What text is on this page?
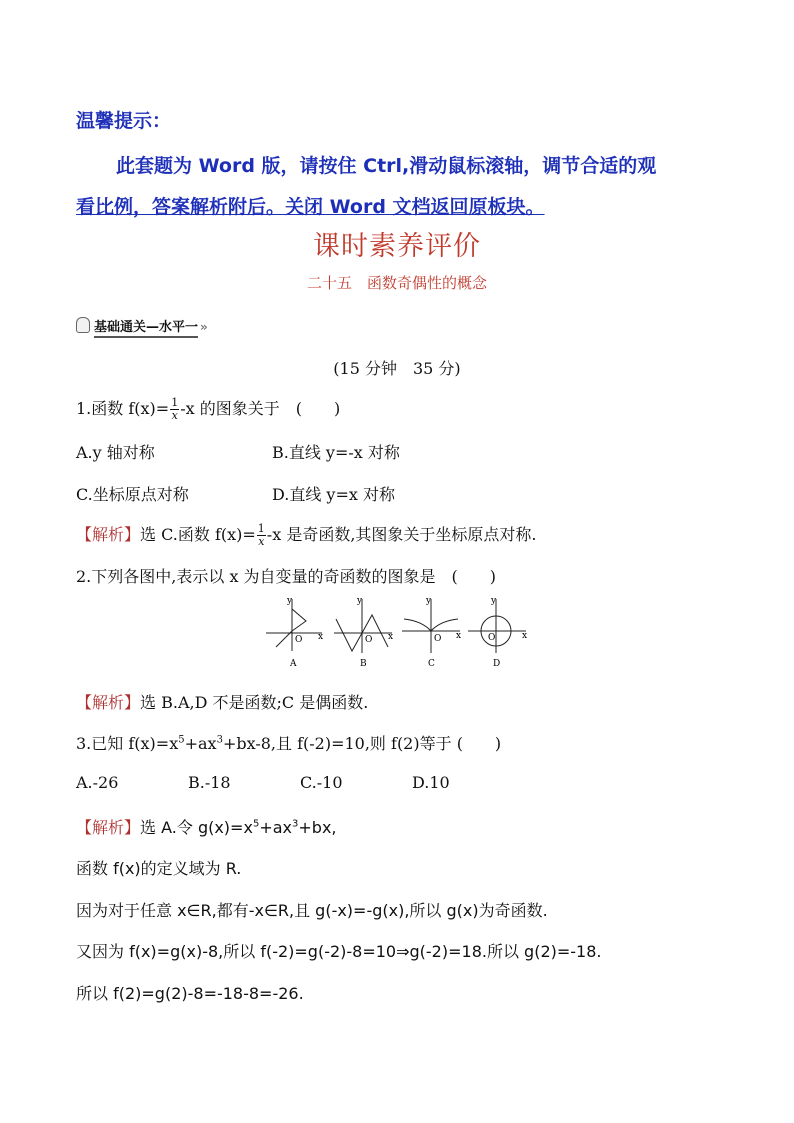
温馨提示：
此套题为 Word 版，请按住 Ctrl,滑动鼠标滚轴，调节合适的观
看比例，答案解析附后。关闭 Word 文档返回原板块。
课时素养评价
二十五　函数奇偶性的概念
基础通关—水平一 »
(15 分钟　35 分)
1.函数 $f(x)= \frac{1}{x} -x$ 的图象关于　(　　)
A.y 轴对称	B.直线 y=-x 对称
C.坐标原点对称	D.直线 y=x 对称
【解析】选 C.函数 $f(x)= \frac{1}{x} -x$ 是奇函数,其图象关于坐标原点对称.
2.下列各图中,表示以 x 为自变量的奇函数的图象是　(　　)
y
x
O
A
y
x
O
B
y
x
O
C
y
x
O
D
【解析】选 B.A,D 不是函数;C 是偶函数.
3.已知 $f(x)=x^5+ax^3+bx-8$,且 f(-2)=10,则 f(2)等于 (　　)
A.-26	B.-18	C.-10	D.10
【解析】选 A.令 $g(x)=x^5+ax^3+bx$,
函数 f(x)的定义域为 R.
因为对于任意 x∈R,都有-x∈R,且 g(-x)=-g(x),所以 g(x)为奇函数.
又因为 f(x)=g(x)-8,所以 f(-2)=g(-2)-8=10⇒g(-2)=18.所以 g(2)=-18.
所以 f(2)=g(2)-8=-18-8=-26.
